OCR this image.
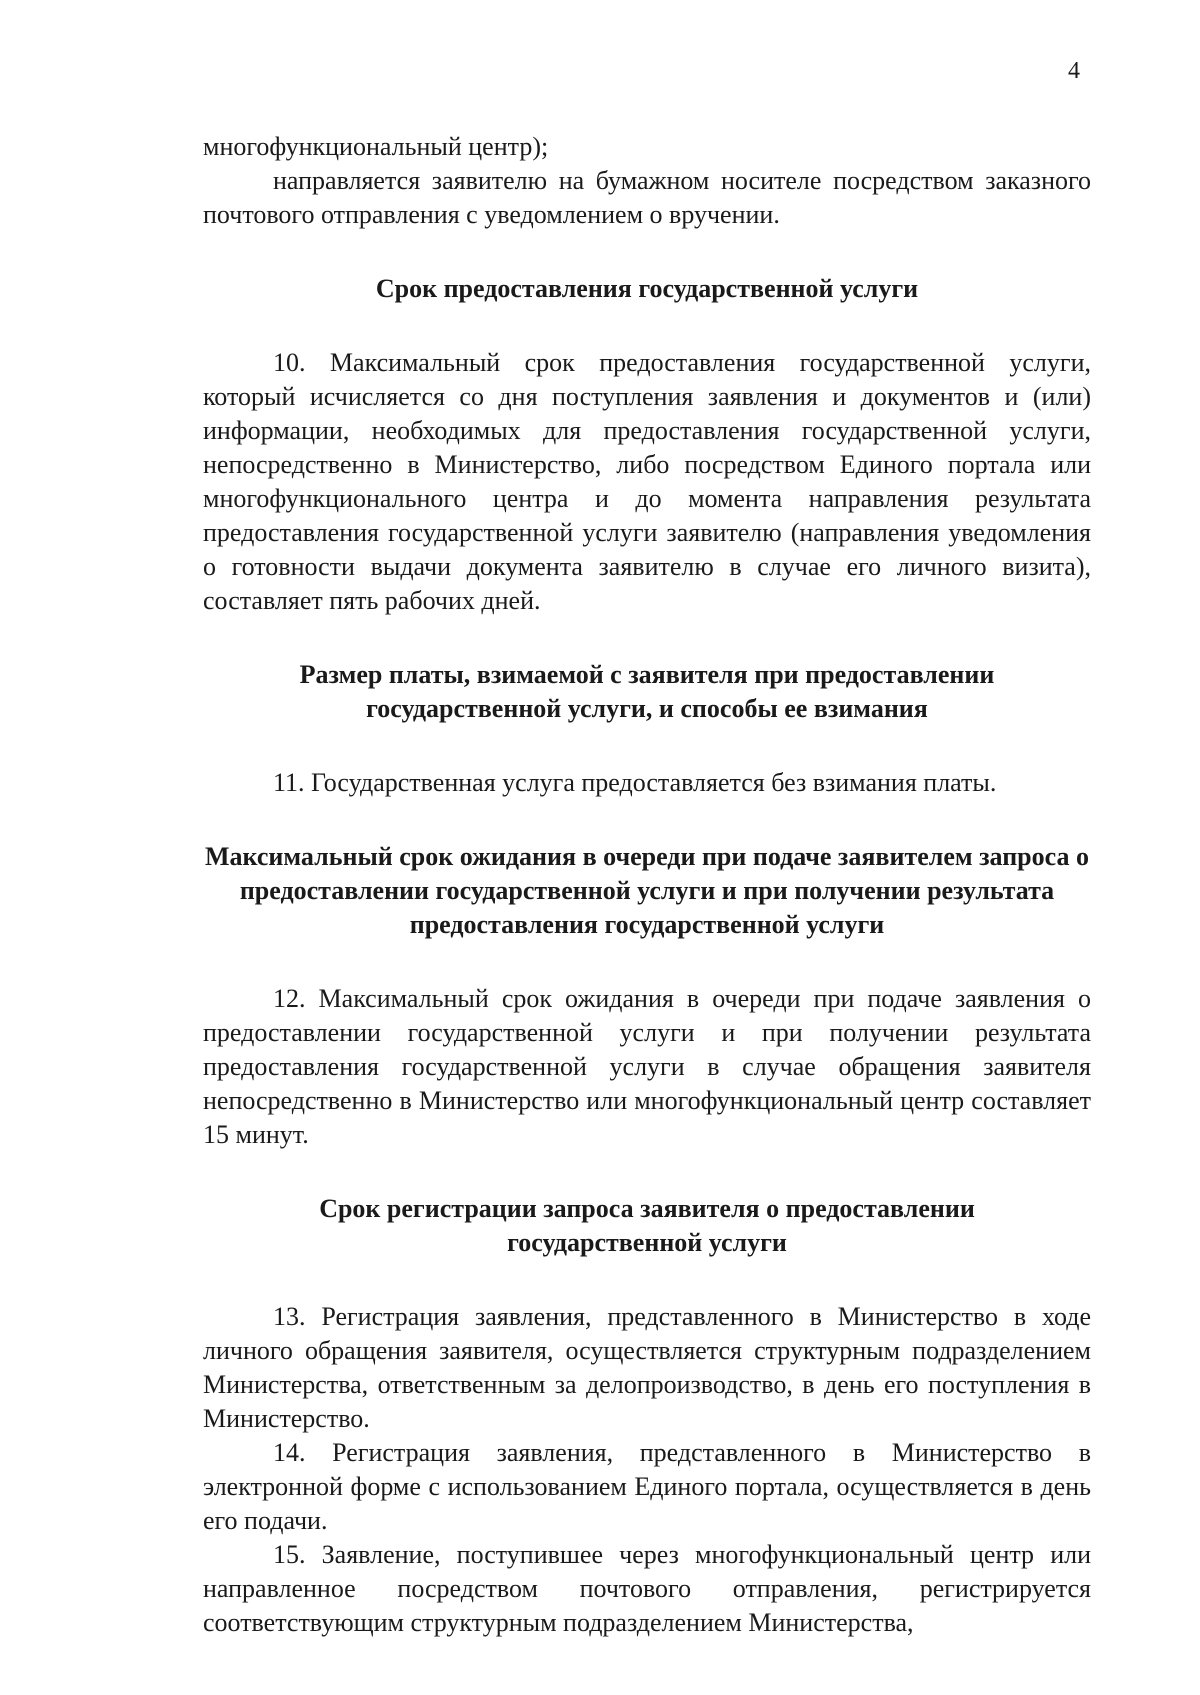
4

многофункциональный центр);

направляется заявителю на бумажном носителе посредством заказного почтового отправления с уведомлением о вручении.

Срок предоставления государственной услуги

10. Максимальный срок предоставления государственной услуги, который исчисляется со дня поступления заявления и документов и (или) информации, необходимых для предоставления государственной услуги, непосредственно в Министерство, либо посредством Единого портала или многофункционального центра и до момента направления результата предоставления государственной услуги заявителю (направления уведомления о готовности выдачи документа заявителю в случае его личного визита), составляет пять рабочих дней.

Размер платы, взимаемой с заявителя при предоставлении государственной услуги, и способы ее взимания

11. Государственная услуга предоставляется без взимания платы.

Максимальный срок ожидания в очереди при подаче заявителем запроса о предоставлении государственной услуги и при получении результата предоставления государственной услуги

12. Максимальный срок ожидания в очереди при подаче заявления о предоставлении государственной услуги и при получении результата предоставления государственной услуги в случае обращения заявителя непосредственно в Министерство или многофункциональный центр составляет 15 минут.

Срок регистрации запроса заявителя о предоставлении государственной услуги

13. Регистрация заявления, представленного в Министерство в ходе личного обращения заявителя, осуществляется структурным подразделением Министерства, ответственным за делопроизводство, в день его поступления в Министерство.

14. Регистрация заявления, представленного в Министерство в электронной форме с использованием Единого портала, осуществляется в день его подачи.

15. Заявление, поступившее через многофункциональный центр или направленное посредством почтового отправления, регистрируется соответствующим структурным подразделением Министерства,
